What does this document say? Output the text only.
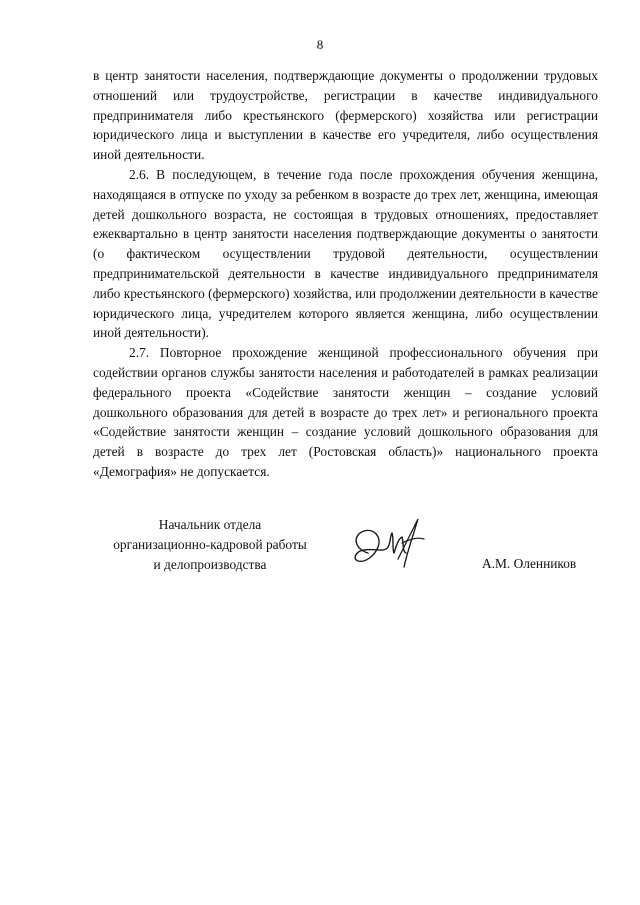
8

в центр занятости населения, подтверждающие документы о продолжении трудовых отношений или трудоустройстве, регистрации в качестве индивидуального предпринимателя либо крестьянского (фермерского) хозяйства или регистрации юридического лица и выступлении в качестве его учредителя, либо осуществления иной деятельности.

2.6. В последующем, в течение года после прохождения обучения женщина, находящаяся в отпуске по уходу за ребенком в возрасте до трех лет, женщина, имеющая детей дошкольного возраста, не состоящая в трудовых отношениях, предоставляет ежеквартально в центр занятости населения подтверждающие документы о занятости (о фактическом осуществлении трудовой деятельности, осуществлении предпринимательской деятельности в качестве индивидуального предпринимателя либо крестьянского (фермерского) хозяйства, или продолжении деятельности в качестве юридического лица, учредителем которого является женщина, либо осуществлении иной деятельности).

2.7. Повторное прохождение женщиной профессионального обучения при содействии органов службы занятости населения и работодателей в рамках реализации федерального проекта «Содействие занятости женщин – создание условий дошкольного образования для детей в возрасте до трех лет» и регионального проекта «Содействие занятости женщин – создание условий дошкольного образования для детей в возрасте до трех лет (Ростовская область)» национального проекта «Демография» не допускается.

Начальник отдела
организационно-кадровой работы
и делопроизводства	А.М. Оленников
